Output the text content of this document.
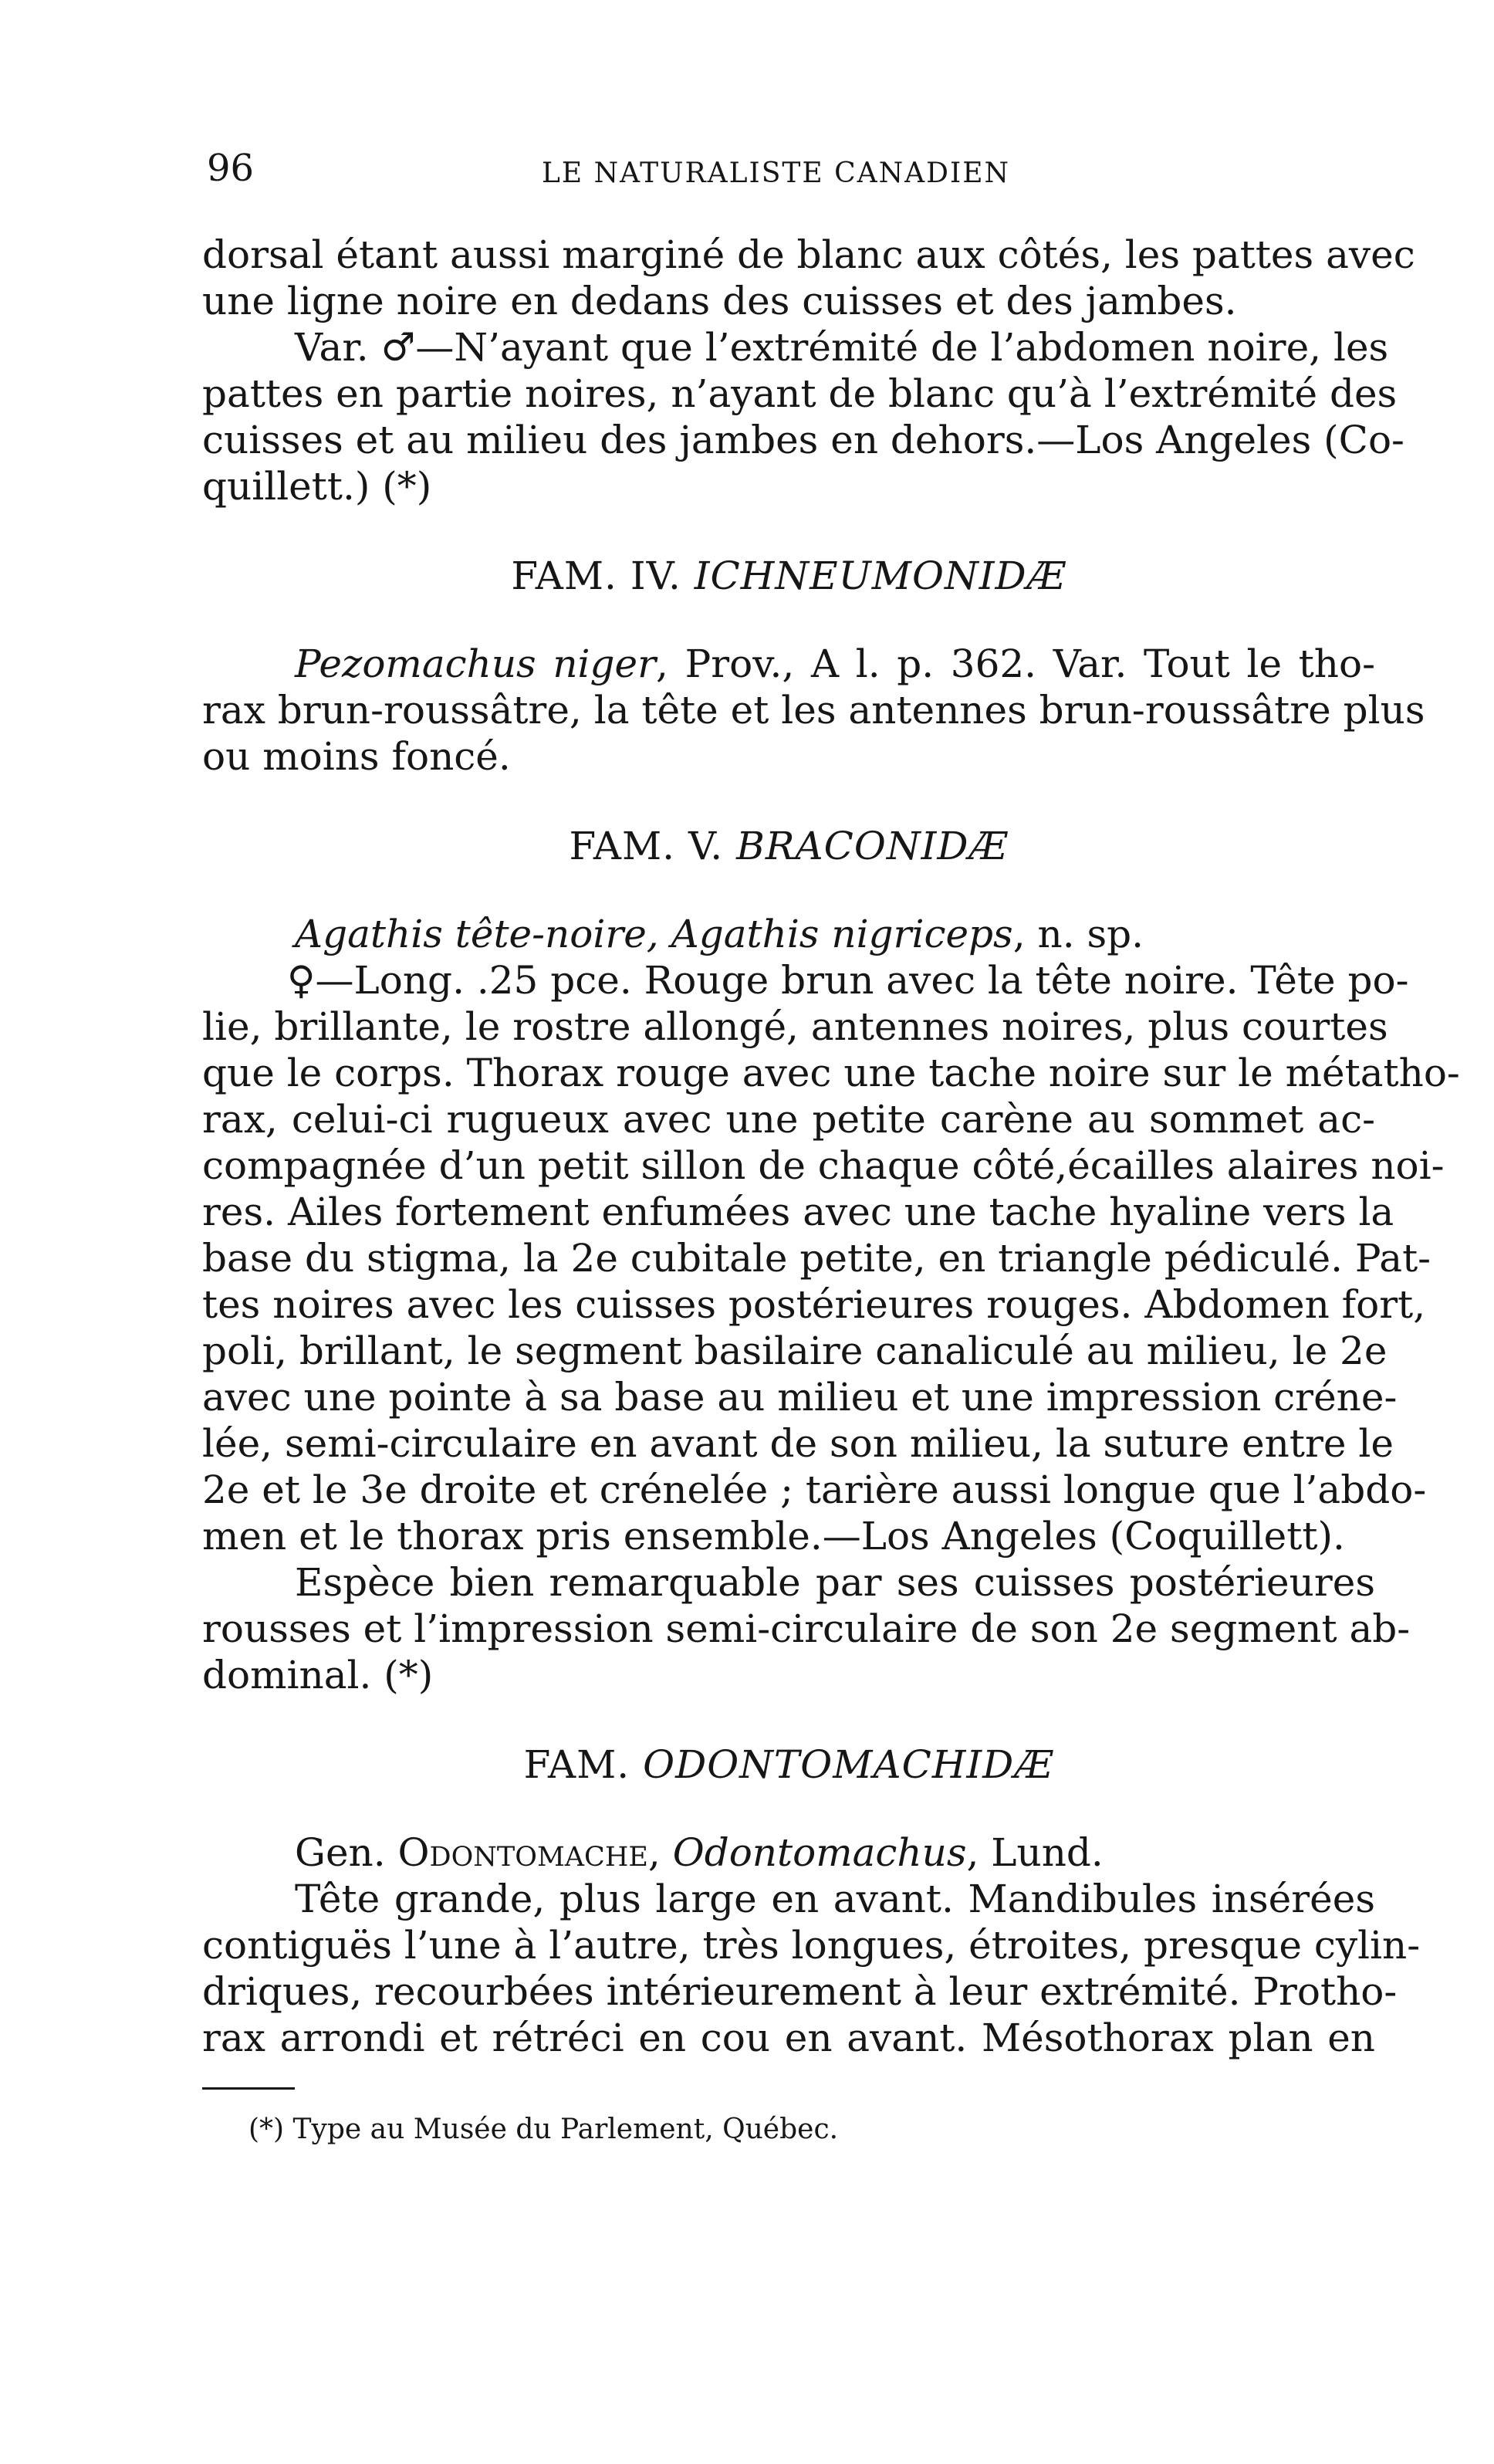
96	LE NATURALISTE CANADIEN
dorsal étant aussi marginé de blanc aux côtés, les pattes avec
une ligne noire en dedans des cuisses et des jambes.
Var. ♂—N’ayant que l’extrémité de l’abdomen noire, les
pattes en partie noires, n’ayant de blanc qu’à l’extrémité des
cuisses et au milieu des jambes en dehors.—Los Angeles (Co-
quillett.) (*)
FAM. IV. ICHNEUMONIDÆ
Pezomachus niger, Prov., A l. p. 362. Var. Tout le tho-
rax brun-roussâtre, la tête et les antennes brun-roussâtre plus
ou moins foncé.
FAM. V. BRACONIDÆ
Agathis tête-noire, Agathis nigriceps, n. sp.
♀—Long. .25 pce. Rouge brun avec la tête noire. Tête po-
lie, brillante, le rostre allongé, antennes noires, plus courtes
que le corps. Thorax rouge avec une tache noire sur le métatho-
rax, celui-ci rugueux avec une petite carène au sommet ac-
compagnée d’un petit sillon de chaque côté,écailles alaires noi-
res. Ailes fortement enfumées avec une tache hyaline vers la
base du stigma, la 2e cubitale petite, en triangle pédiculé. Pat-
tes noires avec les cuisses postérieures rouges. Abdomen fort,
poli, brillant, le segment basilaire canaliculé au milieu, le 2e
avec une pointe à sa base au milieu et une impression créne-
lée, semi-circulaire en avant de son milieu, la suture entre le
2e et le 3e droite et crénelée ; tarière aussi longue que l’abdo-
men et le thorax pris ensemble.—Los Angeles (Coquillett).
Espèce bien remarquable par ses cuisses postérieures
rousses et l’impression semi-circulaire de son 2e segment ab-
dominal. (*)
FAM. ODONTOMACHIDÆ
Gen. Odontomache, Odontomachus, Lund.
Tête grande, plus large en avant. Mandibules insérées
contiguës l’une à l’autre, très longues, étroites, presque cylin-
driques, recourbées intérieurement à leur extrémité. Protho-
rax arrondi et rétréci en cou en avant. Mésothorax plan en
(*) Type au Musée du Parlement, Québec.
